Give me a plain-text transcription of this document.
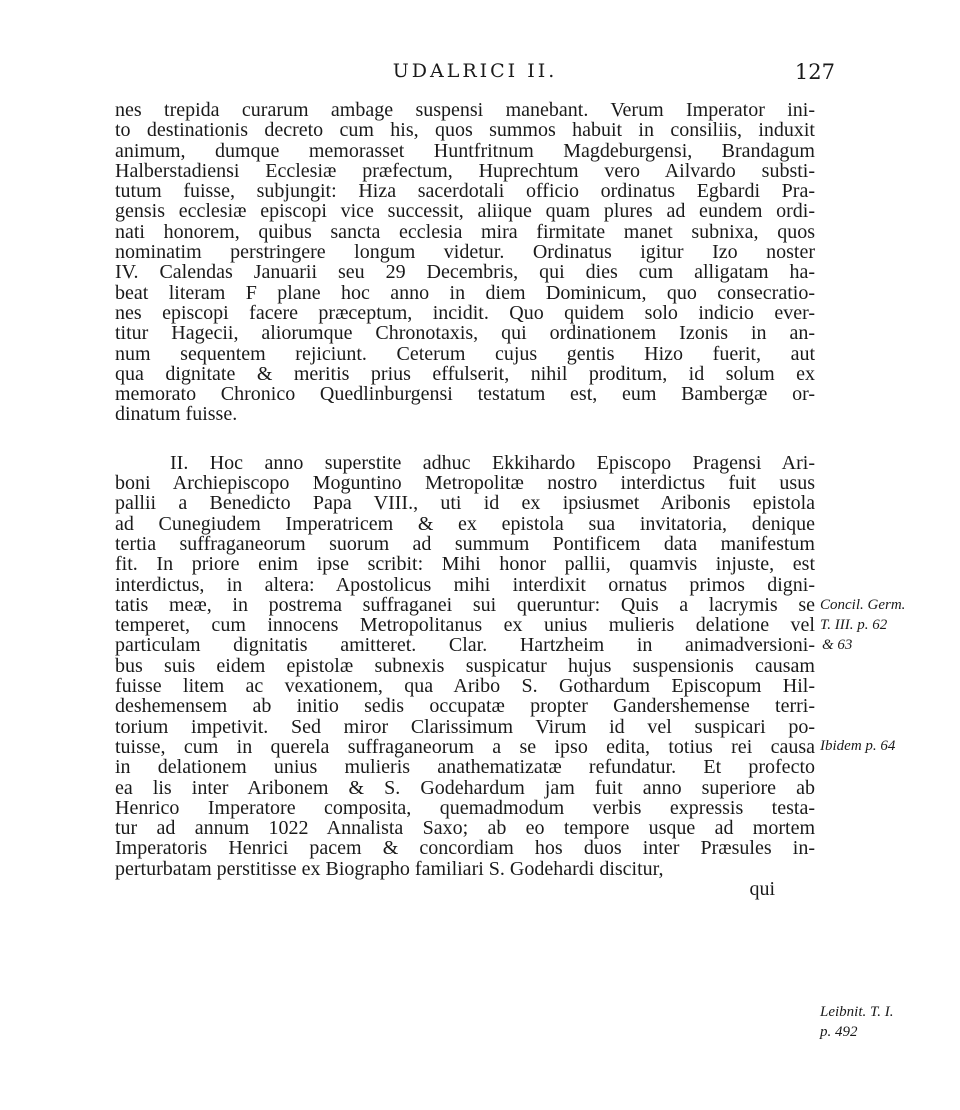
UDALRICI II.	127
nes trepida curarum ambage suspensi manebant. Verum Imperator ini-
to destinationis decreto cum his, quos summos habuit in consiliis, induxit
animum, dumque memorasset Huntfritnum Magdeburgensi, Brandagum
Halberstadiensi Ecclesiæ præfectum, Huprechtum vero Ailvardo substi-
tutum fuisse, subjungit: Hiza sacerdotali officio ordinatus Egbardi Pra-
gensis ecclesiæ episcopi vice successit, aliique quam plures ad eundem ordi-
nati honorem, quibus sancta ecclesia mira firmitate manet subnixa, quos
nominatim perstringere longum videtur. Ordinatus igitur Izo noster
IV. Calendas Januarii seu 29 Decembris, qui dies cum alligatam ha-
beat literam F plane hoc anno in diem Dominicum, quo consecratio-
nes episcopi facere præceptum, incidit. Quo quidem solo indicio ever-
titur Hagecii, aliorumque Chronotaxis, qui ordinationem Izonis in an-
num sequentem rejiciunt. Ceterum cujus gentis Hizo fuerit, aut
qua dignitate & meritis prius effulserit, nihil proditum, id solum ex
memorato Chronico Quedlinburgensi testatum est, eum Bambergæ or-
dinatum fuisse.
II. Hoc anno superstite adhuc Ekkihardo Episcopo Pragensi Ari-
boni Archiepiscopo Moguntino Metropolitæ nostro interdictus fuit usus
pallii a Benedicto Papa VIII., uti id ex ipsiusmet Aribonis epistola
ad Cunegiudem Imperatricem & ex epistola sua invitatoria, denique
tertia suffraganeorum suorum ad summum Pontificem data manifestum
fit. In priore enim ipse scribit: Mihi honor pallii, quamvis injuste, est
interdictus, in altera: Apostolicus mihi interdixit ornatus primos digni-
tatis meæ, in postrema suffraganei sui queruntur: Quis a lacrymis se
temperet, cum innocens Metropolitanus ex unius mulieris delatione vel
particulam dignitatis amitteret. Clar. Hartzheim in animadversioni-
bus suis eidem epistolæ subnexis suspicatur hujus suspensionis causam
fuisse litem ac vexationem, qua Aribo S. Gothardum Episcopum Hil-
deshemensem ab initio sedis occupatæ propter Gandershemense terri-
torium impetivit. Sed miror Clarissimum Virum id vel suspicari po-
tuisse, cum in querela suffraganeorum a se ipso edita, totius rei causa
in delationem unius mulieris anathematizatæ refundatur. Et profecto
ea lis inter Aribonem & S. Godehardum jam fuit anno superiore ab
Henrico Imperatore composita, quemadmodum verbis expressis testa-
tur ad annum 1022 Annalista Saxo; ab eo tempore usque ad mortem
Imperatoris Henrici pacem & concordiam hos duos inter Præsules in-
perturbatam perstitisse ex Biographo familiari S. Godehardi discitur,
qui
Concil. Germ.
T. III. p. 62
& 63
Ibidem p. 64
Leibnit. T. I.
p. 492
